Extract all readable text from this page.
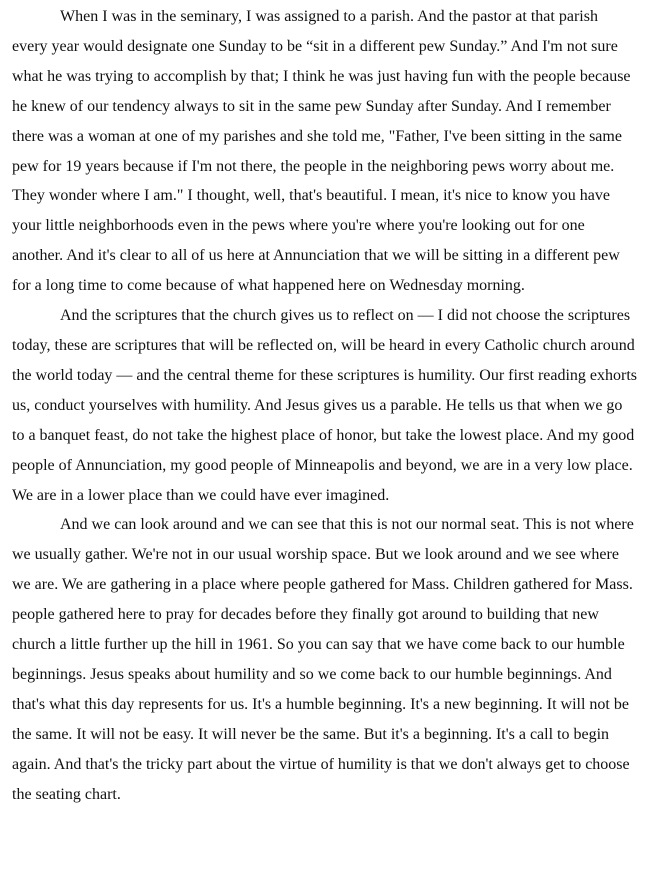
When I was in the seminary, I was assigned to a parish. And the pastor at that parish every year would designate one Sunday to be “sit in a different pew Sunday.” And I'm not sure what he was trying to accomplish by that; I think he was just having fun with the people because he knew of our tendency always to sit in the same pew Sunday after Sunday. And I remember there was a woman at one of my parishes and she told me, "Father, I've been sitting in the same pew for 19 years because if I'm not there, the people in the neighboring pews worry about me. They wonder where I am." I thought, well, that's beautiful. I mean, it's nice to know you have your little neighborhoods even in the pews where you're where you're looking out for one another. And it's clear to all of us here at Annunciation that we will be sitting in a different pew for a long time to come because of what happened here on Wednesday morning.

And the scriptures that the church gives us to reflect on — I did not choose the scriptures today, these are scriptures that will be reflected on, will be heard in every Catholic church around the world today — and the central theme for these scriptures is humility. Our first reading exhorts us, conduct yourselves with humility. And Jesus gives us a parable. He tells us that when we go to a banquet feast, do not take the highest place of honor, but take the lowest place. And my good people of Annunciation, my good people of Minneapolis and beyond, we are in a very low place. We are in a lower place than we could have ever imagined.

And we can look around and we can see that this is not our normal seat. This is not where we usually gather. We're not in our usual worship space. But we look around and we see where we are. We are gathering in a place where people gathered for Mass. Children gathered for Mass. people gathered here to pray for decades before they finally got around to building that new church a little further up the hill in 1961. So you can say that we have come back to our humble beginnings. Jesus speaks about humility and so we come back to our humble beginnings. And that's what this day represents for us. It's a humble beginning. It's a new beginning. It will not be the same. It will not be easy. It will never be the same. But it's a beginning. It's a call to begin again. And that's the tricky part about the virtue of humility is that we don't always get to choose the seating chart.
